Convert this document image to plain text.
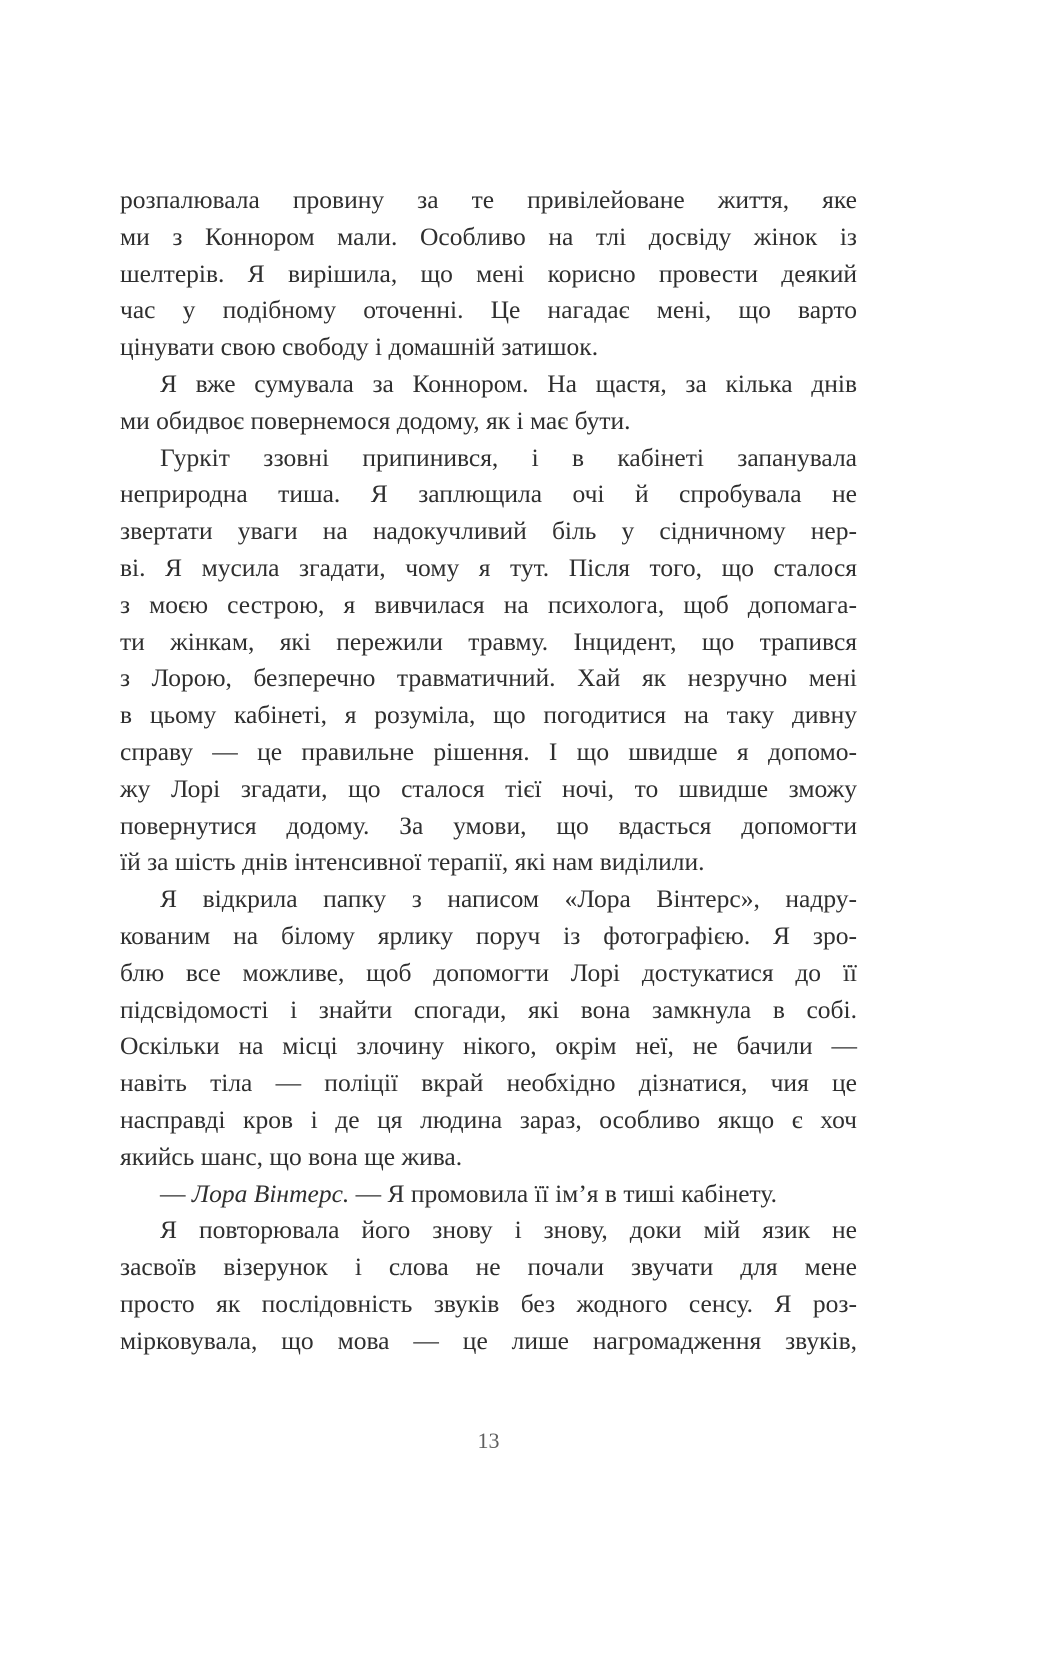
розпалювала провину за те привілейоване життя, яке
ми з Коннором мали. Особливо на тлі досвіду жінок із
шелтерів. Я вирішила, що мені корисно провести деякий
час у подібному оточенні. Це нагадає мені, що варто
цінувати свою свободу і домашній затишок.

Я вже сумувала за Коннором. На щастя, за кілька днів
ми обидвоє повернемося додому, як і має бути.

Гуркіт ззовні припинився, і в кабінеті запанувала
неприродна тиша. Я заплющила очі й спробувала не
звертати уваги на надокучливий біль у сідничному нер-
ві. Я мусила згадати, чому я тут. Після того, що сталося
з моєю сестрою, я вивчилася на психолога, щоб допомага-
ти жінкам, які пережили травму. Інцидент, що трапився
з Лорою, безперечно травматичний. Хай як незручно мені
в цьому кабінеті, я розуміла, що погодитися на таку дивну
справу — це правильне рішення. І що швидше я допомо-
жу Лорі згадати, що сталося тієї ночі, то швидше зможу
повернутися додому. За умови, що вдасться допомогти
їй за шість днів інтенсивної терапії, які нам виділили.

Я відкрила папку з написом «Лора Вінтерс», надру-
кованим на білому ярлику поруч із фотографією. Я зро-
блю все можливе, щоб допомогти Лорі достукатися до її
підсвідомості і знайти спогади, які вона замкнула в собі.
Оскільки на місці злочину нікого, окрім неї, не бачили —
навіть тіла — поліції вкрай необхідно дізнатися, чия це
насправді кров і де ця людина зараз, особливо якщо є хоч
якийсь шанс, що вона ще жива.

— Лора Вінтерс. — Я промовила її ім’я в тиші кабінету.

Я повторювала його знову і знову, доки мій язик не
засвоїв візерунок і слова не почали звучати для мене
просто як послідовність звуків без жодного сенсу. Я роз-
мірковувала, що мова — це лише нагромадження звуків,

13
